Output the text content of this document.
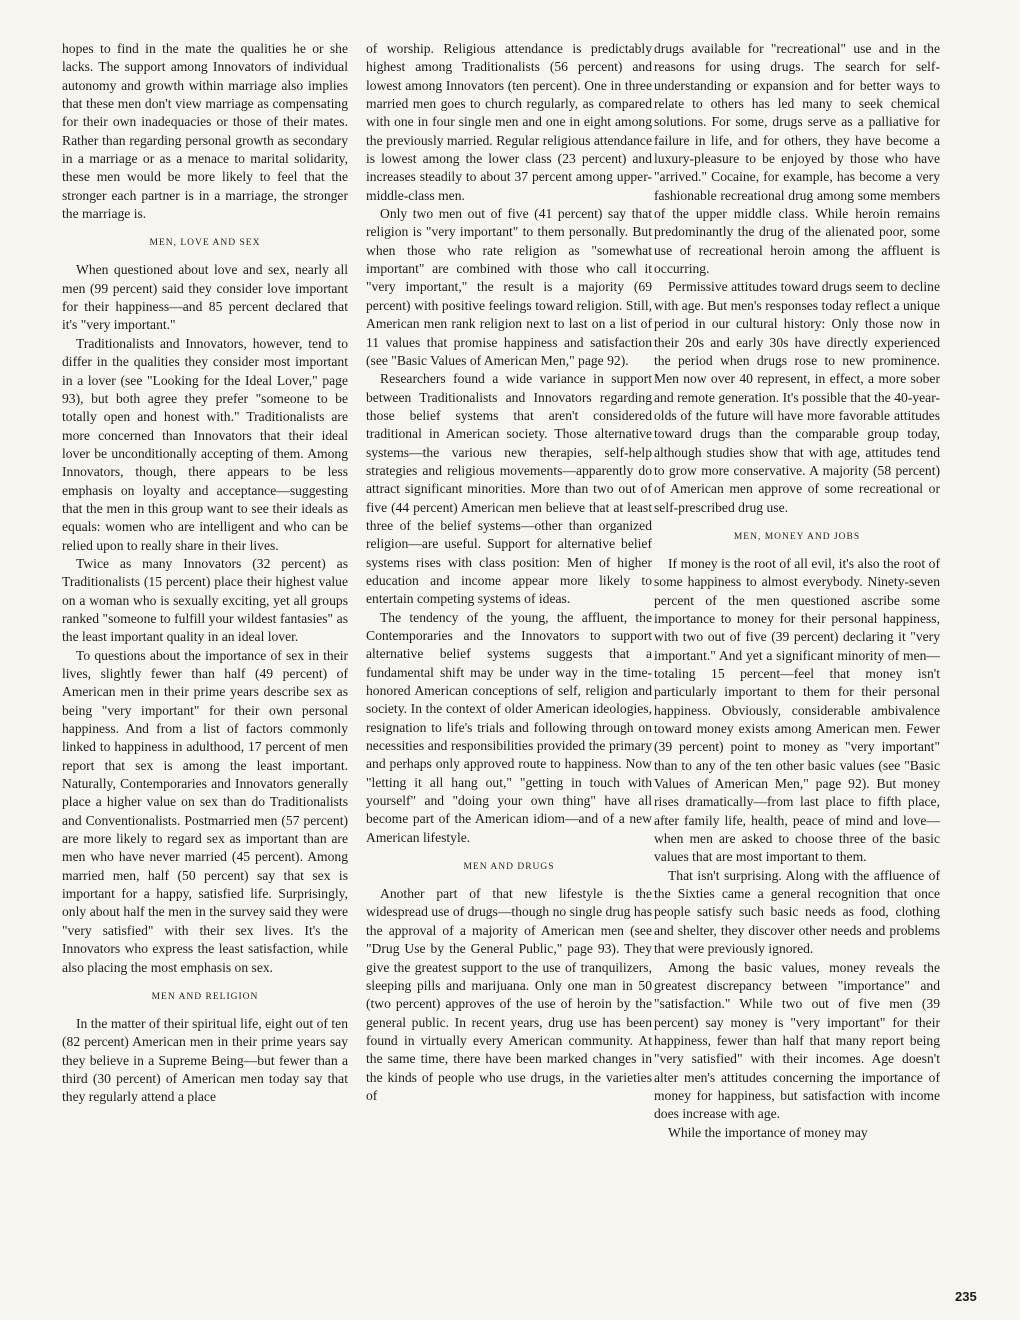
hopes to find in the mate the qualities he or she lacks. The support among Innovators of individual autonomy and growth within marriage also implies that these men don't view marriage as compensating for their own inadequacies or those of their mates. Rather than regarding personal growth as secondary in a marriage or as a menace to marital solidarity, these men would be more likely to feel that the stronger each partner is in a marriage, the stronger the marriage is.

MEN, LOVE AND SEX

When questioned about love and sex, nearly all men (99 percent) said they consider love important for their happiness—and 85 percent declared that it's "very important."

Traditionalists and Innovators, however, tend to differ in the qualities they consider most important in a lover (see "Looking for the Ideal Lover," page 93), but both agree they prefer "someone to be totally open and honest with." Traditionalists are more concerned than Innovators that their ideal lover be unconditionally accepting of them. Among Innovators, though, there appears to be less emphasis on loyalty and acceptance—suggesting that the men in this group want to see their ideals as equals: women who are intelligent and who can be relied upon to really share in their lives.

Twice as many Innovators (32 percent) as Traditionalists (15 percent) place their highest value on a woman who is sexually exciting, yet all groups ranked "someone to fulfill your wildest fantasies" as the least important quality in an ideal lover.

To questions about the importance of sex in their lives, slightly fewer than half (49 percent) of American men in their prime years describe sex as being "very important" for their own personal happiness. And from a list of factors commonly linked to happiness in adulthood, 17 percent of men report that sex is among the least important. Naturally, Contemporaries and Innovators generally place a higher value on sex than do Traditionalists and Conventionalists. Postmarried men (57 percent) are more likely to regard sex as important than are men who have never married (45 percent). Among married men, half (50 percent) say that sex is important for a happy, satisfied life. Surprisingly, only about half the men in the survey said they were "very satisfied" with their sex lives. It's the Innovators who express the least satisfaction, while also placing the most emphasis on sex.

MEN AND RELIGION

In the matter of their spiritual life, eight out of ten (82 percent) American men in their prime years say they believe in a Supreme Being—but fewer than a third (30 percent) of American men today say that they regularly attend a place

of worship. Religious attendance is predictably highest among Traditionalists (56 percent) and lowest among Innovators (ten percent). One in three married men goes to church regularly, as compared with one in four single men and one in eight among the previously married. Regular religious attendance is lowest among the lower class (23 percent) and increases steadily to about 37 percent among upper-middle-class men.

Only two men out of five (41 percent) say that religion is "very important" to them personally. But when those who rate religion as "somewhat important" are combined with those who call it "very important," the result is a majority (69 percent) with positive feelings toward religion. Still, American men rank religion next to last on a list of 11 values that promise happiness and satisfaction (see "Basic Values of American Men," page 92).

Researchers found a wide variance in support between Traditionalists and Innovators regarding those belief systems that aren't considered traditional in American society. Those alternative systems—the various new therapies, self-help strategies and religious movements—apparently do attract significant minorities. More than two out of five (44 percent) American men believe that at least three of the belief systems—other than organized religion—are useful. Support for alternative belief systems rises with class position: Men of higher education and income appear more likely to entertain competing systems of ideas.

The tendency of the young, the affluent, the Contemporaries and the Innovators to support alternative belief systems suggests that a fundamental shift may be under way in the time-honored American conceptions of self, religion and society. In the context of older American ideologies, resignation to life's trials and following through on necessities and responsibilities provided the primary and perhaps only approved route to happiness. Now "letting it all hang out," "getting in touch with yourself" and "doing your own thing" have all become part of the American idiom—and of a new American lifestyle.

MEN AND DRUGS

Another part of that new lifestyle is the widespread use of drugs—though no single drug has the approval of a majority of American men (see "Drug Use by the General Public," page 93). They give the greatest support to the use of tranquilizers, sleeping pills and marijuana. Only one man in 50 (two percent) approves of the use of heroin by the general public. In recent years, drug use has been found in virtually every American community. At the same time, there have been marked changes in the kinds of people who use drugs, in the varieties of

drugs available for "recreational" use and in the reasons for using drugs. The search for self-understanding or expansion and for better ways to relate to others has led many to seek chemical solutions. For some, drugs serve as a palliative for failure in life, and for others, they have become a luxury-pleasure to be enjoyed by those who have "arrived." Cocaine, for example, has become a very fashionable recreational drug among some members of the upper middle class. While heroin remains predominantly the drug of the alienated poor, some use of recreational heroin among the affluent is occurring.

Permissive attitudes toward drugs seem to decline with age. But men's responses today reflect a unique period in our cultural history: Only those now in their 20s and early 30s have directly experienced the period when drugs rose to new prominence. Men now over 40 represent, in effect, a more sober and remote generation. It's possible that the 40-year-olds of the future will have more favorable attitudes toward drugs than the comparable group today, although studies show that with age, attitudes tend to grow more conservative. A majority (58 percent) of American men approve of some recreational or self-prescribed drug use.

MEN, MONEY AND JOBS

If money is the root of all evil, it's also the root of some happiness to almost everybody. Ninety-seven percent of the men questioned ascribe some importance to money for their personal happiness, with two out of five (39 percent) declaring it "very important." And yet a significant minority of men—totaling 15 percent—feel that money isn't particularly important to them for their personal happiness. Obviously, considerable ambivalence toward money exists among American men. Fewer (39 percent) point to money as "very important" than to any of the ten other basic values (see "Basic Values of American Men," page 92). But money rises dramatically—from last place to fifth place, after family life, health, peace of mind and love—when men are asked to choose three of the basic values that are most important to them.

That isn't surprising. Along with the affluence of the Sixties came a general recognition that once people satisfy such basic needs as food, clothing and shelter, they discover other needs and problems that were previously ignored.

Among the basic values, money reveals the greatest discrepancy between "importance" and "satisfaction." While two out of five men (39 percent) say money is "very important" for their happiness, fewer than half that many report being "very satisfied" with their incomes. Age doesn't alter men's attitudes concerning the importance of money for happiness, but satisfaction with income does increase with age.

While the importance of money may

235
